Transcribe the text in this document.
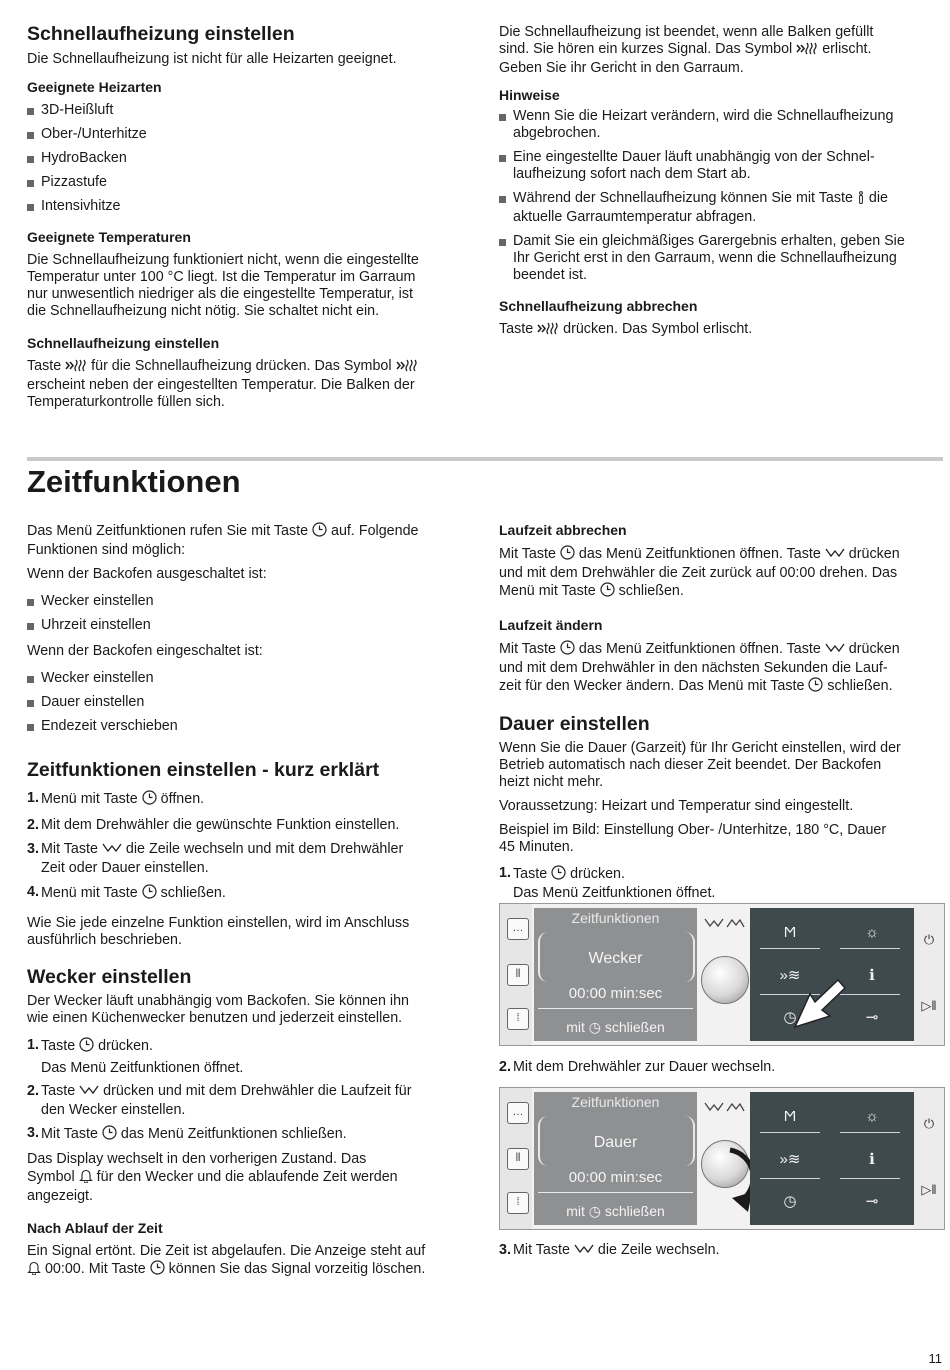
Schnellaufheizung einstellen

Die Schnellaufheizung ist nicht für alle Heizarten geeignet.

Geeignete Heizarten
3D-Heißluft
Ober-/Unterhitze
HydroBacken
Pizzastufe
Intensivhitze
Geeignete Temperaturen

Die Schnellaufheizung funktioniert nicht, wenn die eingestellte

Temperatur unter 100 °C liegt. Ist die Temperatur im Garraum

nur unwesentlich niedriger als die eingestellte Temperatur, ist

die Schnellaufheizung nicht nötig. Sie schaltet nicht ein.

Schnellaufheizung einstellen

Taste für die Schnellaufheizung drücken. Das Symbol

erscheint neben der eingestellten Temperatur. Die Balken der

Temperaturkontrolle füllen sich.

Die Schnellaufheizung ist beendet, wenn alle Balken gefüllt

sind. Sie hören ein kurzes Signal. Das Symbol erlischt.

Geben Sie ihr Gericht in den Garraum.

Hinweise
Wenn Sie die Heizart verändern, wird die Schnellaufheizung
abgebrochen.
Eine eingestellte Dauer läuft unabhängig von der Schnel-
laufheizung sofort nach dem Start ab.
Während der Schnellaufheizung können Sie mit Taste die
aktuelle Garraumtemperatur abfragen.
Damit Sie ein gleichmäßiges Garergebnis erhalten, geben Sie
Ihr Gericht erst in den Garraum, wenn die Schnellaufheizung
beendet ist.
Schnellaufheizung abbrechen

Taste drücken. Das Symbol erlischt.

Zeitfunktionen

Das Menü Zeitfunktionen rufen Sie mit Taste auf. Folgende

Funktionen sind möglich:

Wenn der Backofen ausgeschaltet ist:

Wecker einstellen
Uhrzeit einstellen

Wenn der Backofen eingeschaltet ist:

Wecker einstellen
Dauer einstellen
Endezeit verschieben
Zeitfunktionen einstellen - kurz erklärt
1. Menü mit Taste öffnen.
2. Mit dem Drehwähler die gewünschte Funktion einstellen.
3. Mit Taste die Zeile wechseln und mit dem Drehwähler
Zeit oder Dauer einstellen.
4. Menü mit Taste schließen.

Wie Sie jede einzelne Funktion einstellen, wird im Anschluss

ausführlich beschrieben.

Wecker einstellen

Der Wecker läuft unabhängig vom Backofen. Sie können ihn

wie einen Küchenwecker benutzen und jederzeit einstellen.

1. Taste drücken.
Das Menü Zeitfunktionen öffnet.
2. Taste drücken und mit dem Drehwähler die Laufzeit für
den Wecker einstellen.
3. Mit Taste das Menü Zeitfunktionen schließen.

Das Display wechselt in den vorherigen Zustand. Das

Symbol für den Wecker und die ablaufende Zeit werden

angezeigt.

Nach Ablauf der Zeit

Ein Signal ertönt. Die Zeit ist abgelaufen. Die Anzeige steht auf

00:00. Mit Taste können Sie das Signal vorzeitig löschen.

Laufzeit abbrechen

Mit Taste das Menü Zeitfunktionen öffnen. Taste drücken

und mit dem Drehwähler die Zeit zurück auf 00:00 drehen. Das

Menü mit Taste schließen.

Laufzeit ändern

Mit Taste das Menü Zeitfunktionen öffnen. Taste drücken

und mit dem Drehwähler in den nächsten Sekunden die Lauf-

zeit für den Wecker ändern. Das Menü mit Taste schließen.

Dauer einstellen

Wenn Sie die Dauer (Garzeit) für Ihr Gericht einstellen, wird der

Betrieb automatisch nach dieser Zeit beendet. Der Backofen

heizt nicht mehr.

Voraussetzung: Heizart und Temperatur sind eingestellt.

Beispiel im Bild: Einstellung Ober- /Unterhitze, 180 °C, Dauer

45 Minuten.

1. Taste drücken.
Das Menü Zeitfunktionen öffnet.
2. Mit dem Drehwähler zur Dauer wechseln.
3. Mit Taste die Zeile wechseln.
…
⫴
⁞
Zeitfunktionen
Wecker
00:00 min:sec
mit ◷ schließen
Ϻ	☼
»≋	ℹ
◷	⊸
⏻
▷‖
…
⫴
⁞
Zeitfunktionen
Dauer
00:00 min:sec
mit ◷ schließen
Ϻ	☼
»≋	ℹ
◷	⊸
⏻
▷‖
11
